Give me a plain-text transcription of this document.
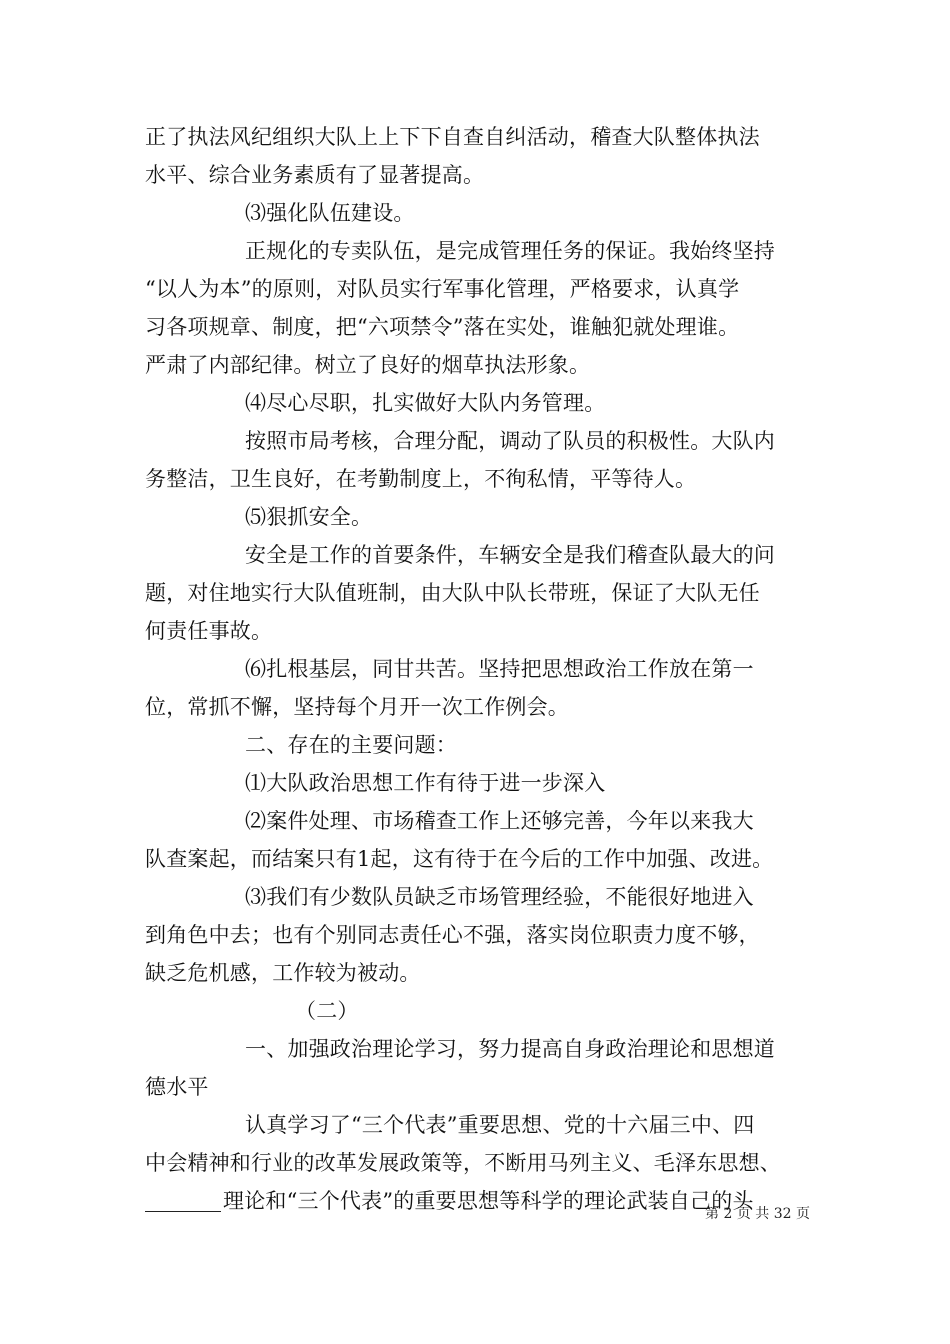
正了执法风纪组织大队上上下下自查自纠活动，稽查大队整体执法
水平、综合业务素质有了显著提高。
⑶强化队伍建设。
正规化的专卖队伍，是完成管理任务的保证。我始终坚持
“以人为本”的原则，对队员实行军事化管理，严格要求，认真学
习各项规章、制度，把“六项禁令”落在实处，谁触犯就处理谁。
严肃了内部纪律。树立了良好的烟草执法形象。
⑷尽心尽职，扎实做好大队内务管理。
按照市局考核，合理分配，调动了队员的积极性。大队内
务整洁，卫生良好，在考勤制度上，不徇私情，平等待人。
⑸狠抓安全。
安全是工作的首要条件，车辆安全是我们稽查队最大的问
题，对住地实行大队值班制，由大队中队长带班，保证了大队无任
何责任事故。
⑹扎根基层，同甘共苦。坚持把思想政治工作放在第一
位，常抓不懈，坚持每个月开一次工作例会。
二、存在的主要问题：
⑴大队政治思想工作有待于进一步深入
⑵案件处理、市场稽查工作上还够完善，今年以来我大
队查案起，而结案只有1起，这有待于在今后的工作中加强、改进。
⑶我们有少数队员缺乏市场管理经验，不能很好地进入
到角色中去；也有个别同志责任心不强，落实岗位职责力度不够，
缺乏危机感，工作较为被动。
（二）
一、加强政治理论学习，努力提高自身政治理论和思想道
德水平
认真学习了“三个代表”重要思想、党的十六届三中、四
中会精神和行业的改革发展政策等，不断用马列主义、毛泽东思想、
理论和“三个代表”的重要思想等科学的理论武装自己的头
第 2 页 共 32 页
